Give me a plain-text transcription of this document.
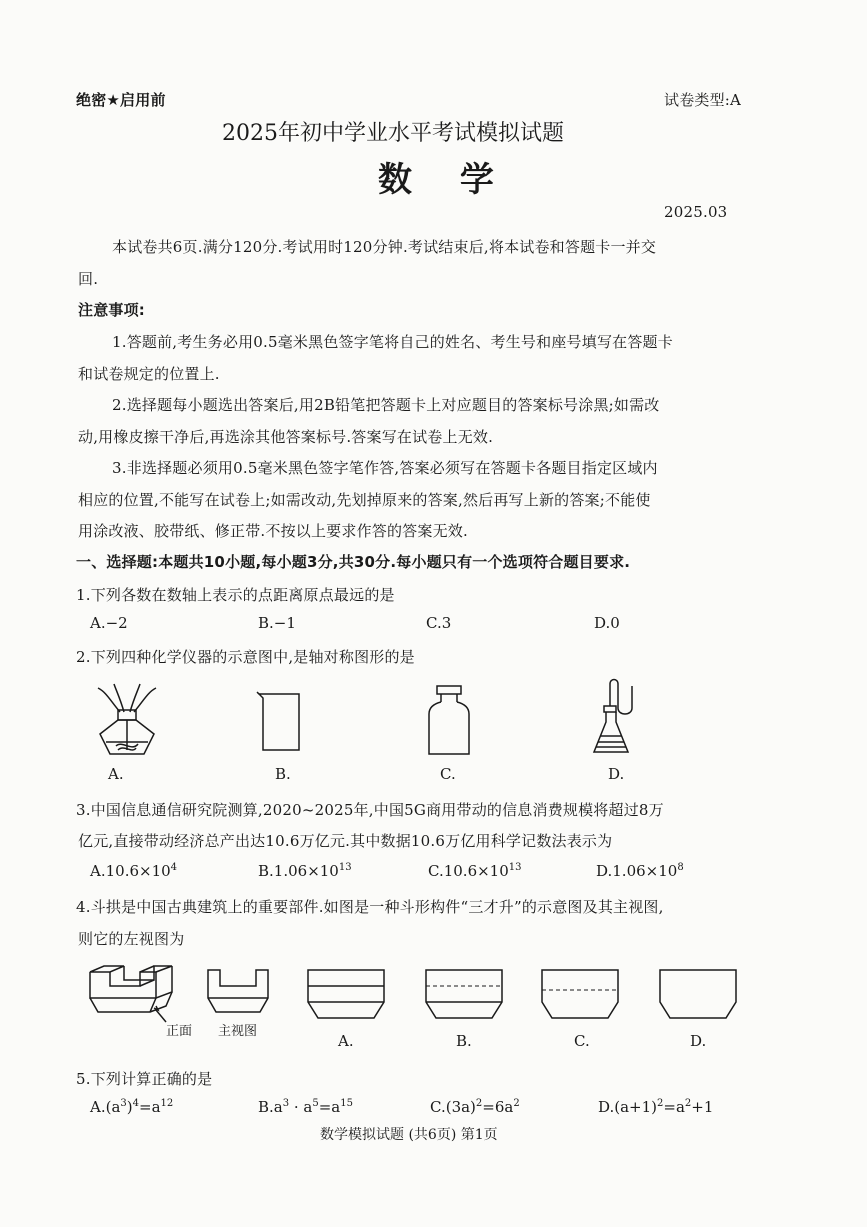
绝密★启用前	试卷类型:A
2025年初中学业水平考试模拟试题
数 学
2025.03
本试卷共6页.满分120分.考试用时120分钟.考试结束后,将本试卷和答题卡一并交
回.
注意事项:
1.答题前,考生务必用0.5毫米黑色签字笔将自己的姓名、考生号和座号填写在答题卡
和试卷规定的位置上.
2.选择题每小题选出答案后,用2B铅笔把答题卡上对应题目的答案标号涂黑;如需改
动,用橡皮擦干净后,再选涂其他答案标号.答案写在试卷上无效.
3.非选择题必须用0.5毫米黑色签字笔作答,答案必须写在答题卡各题目指定区域内
相应的位置,不能写在试卷上;如需改动,先划掉原来的答案,然后再写上新的答案;不能使
用涂改液、胶带纸、修正带.不按以上要求作答的答案无效.
一、选择题:本题共10小题,每小题3分,共30分.每小题只有一个选项符合题目要求.
1.下列各数在数轴上表示的点距离原点最远的是
A.−2	B.−1	C.3	D.0
2.下列四种化学仪器的示意图中,是轴对称图形的是
A.	B.	C.	D.
3.中国信息通信研究院测算,2020~2025年,中国5G商用带动的信息消费规模将超过8万
亿元,直接带动经济总产出达10.6万亿元.其中数据10.6万亿用科学记数法表示为
$A.10.6\times 10^4$	$B.1.06\times 10^{13}$	$C.10.6\times 10^{13}$	$D.1.06\times 10^8$
4.斗拱是中国古典建筑上的重要部件.如图是一种斗形构件“三才升”的示意图及其主视图,
则它的左视图为
正面 主视图
A.	B.	C.	D.
5.下列计算正确的是
$A.(a^3)^4=a^{12}$	$B.a^3 \cdot a^5=a^{15}$	$C.(3a)^2=6a^2$	$D.(a+1)^2=a^2+1$
数学模拟试题 (共6页) 第1页
